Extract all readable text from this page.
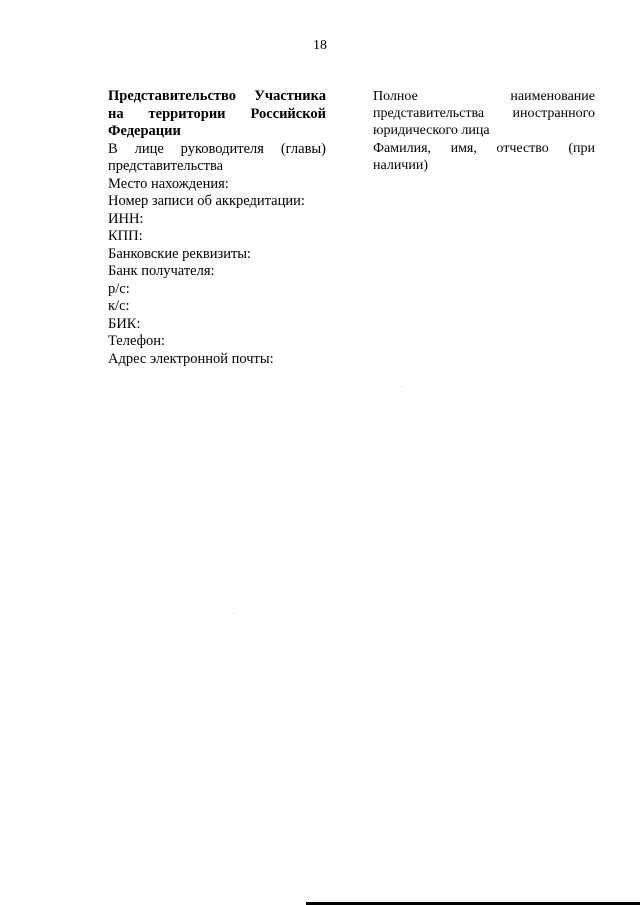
18

Представительство Участника на территории Российской Федерации

В лице руководителя (главы) представительства

Место нахождения:

Номер записи об аккредитации:

ИНН:

КПП:

Банковские реквизиты:

Банк получателя:

р/с:

к/с:

БИК:

Телефон:

Адрес электронной почты:

Полное наименование представительства иностранного юридического лица

Фамилия, имя, отчество (при наличии)
